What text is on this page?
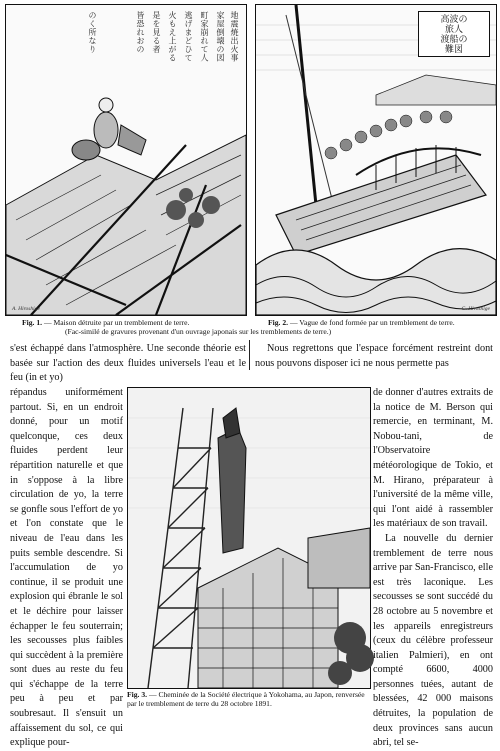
地震焼出火事
家屋倒壊の図
町家崩れて人
逃げまどひて
火もえ上がる
是を見る者
皆恐れおの
のく所なり
A. Hiroshige
高波の
旅人
渡船の
難図
G. Hiroshige
Fig. 1. — Maison détruite par un tremblement de terre.	Fig. 2. — Vague de fond formée par un tremblement de terre.
(Fac-similé de gravures provenant d'un ouvrage japonais sur les tremblements de terre.)

s'est échappé dans l'atmosphère. Une seconde théorie est basée sur l'action des deux fluides universels l'eau et le feu (in et yo)

Nous regrettons que l'espace forcément restreint dont nous pouvons disposer ici ne nous permette pas

Fig. 3. — Cheminée de la Société électrique à Yokohama, au Japon, renversée par le tremblement de terre du 28 octobre 1891.

répandus uniformément partout. Si, en un endroit donné, pour un motif quelconque, ces deux fluides perdent leur répartition naturelle et que in s'oppose à la libre circulation de yo, la terre se gonfle sous l'effort de yo et l'on constate que le niveau de l'eau dans les puits semble descendre. Si l'accumulation de yo continue, il se produit une explosion qui ébranle le sol et le déchire pour laisser échapper le feu souterrain; les secousses plus faibles qui succèdent à la première sont dues au reste du feu qui s'échappe de la terre peu à peu et par soubresaut. Il s'ensuit un affaissement du sol, ce qui explique pour-

de donner d'autres extraits de la notice de M. Berson qui remercie, en terminant, M. Nobou-tani, de l'Observatoire météorologique de Tokio, et M. Hirano, préparateur à l'université de la même ville, qui l'ont aidé à rassembler les matériaux de son travail.

La nouvelle du dernier tremblement de terre nous arrive par San-Francisco, elle est très laconique. Les secousses se sont succédé du 28 octobre au 5 novembre et les appareils enregistreurs (ceux du célèbre professeur italien Palmieri), en ont compté 6600, 4000 personnes tuées, autant de blessées, 42 000 maisons détruites, la population de deux provinces sans aucun abri, tel se-
